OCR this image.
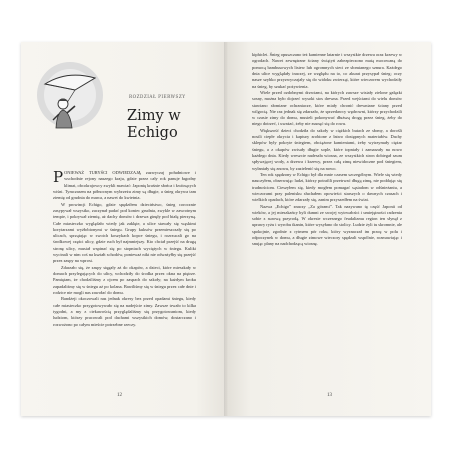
ROZDZIAŁ PIERWSZY
Zimy w Echigo

PONIEWAŻ TURYŚCI ODWIEDZAJĄ zazwyczaj południowe i wschodnie rejony naszego kraju, gdzie przez cały rok panuje łagodny klimat, obcokrajowcy zwykli mawiać: Japonię kraśnie słońca i kwitnących wiśni. Tymczasem na północnym wybrzeżu zimy są długie, a śnieg okrywa tam ziemię od grudnia do marca, a nawet do kwietnia.

W prowincji Echigo, gdzie spędziłem dzieciństwo, śnieg corocznie zasypywał wszystko, zaczynał padać pod koniec grudnia, zwykle w zawrotnym tempie, i pokrywał ziemię, aż dachy domów i drzewa ginęły pod białą pierzyną. Całe miasteczko wyglądało wtedy jak zaklęte, a ulice stawały się wąskimi korytarzami wyżłobionymi w śniegu. Grupy kuksów przemieszczały się po ulicach, sprzątając w swoich koszykach kopce śniegu, i rozrzucali go na środkowej części ulicy, gdzie ruch był najmniejszy. Kto chciał przejść na drugą stronę ulicy, musiał wspinać się po stopniach wyciętych w śniegu. Kuliki wycinali w nim coś na kształt schodów, ponieważ nikt nie odważyłby się przejść przez zaspy na wprost.

Zdarzało się, że zaspy sięgały aż do okapów, a dzieci, które mieszkały w domach przylegających do ulicy, wchodziły do środka przez okna na piętrze. Pamiętam, że chodziliśmy z ojcem po zaspach do szkoły; na każdym kroku zapadaliśmy się w śniegu aż po kolana. Bawiliśmy się w śniegu przez całe dnie i rodzice nie mogli nas zawołać do domu.

Bandżeji okoczowali nas jednak okresy bez przed opadami śniegu, kiedy całe miasteczko przygotowywało się na nadejście zimy. Zawsze trwało to kilka tygodni, a my z ciekawością przyglądaliśmy się przygotowaniom, kiedy ludziom, którzy pracowali pod dachami wszystkich domów, dostarczano i rozwożono po całym mieście potrzebne rzeczy.

12

kiphiclei. Śnieg opuszczano też kamienne latarnie i wszystkie drzewa oraz krzewy w ogrodach. Nawet zewnętrzne ściany świątyń zabezpieczono matą mocowaną do pomocą bambusowych listew lub ogromnych sieci ze słomianego sznura. Każdego dnia ulice wyglądały inaczej, ze względu na to, co akurat przysypał śnieg; oczy nasze szybko przyzwyczajały się do widoku zwierząt, które wieczorem wychodziły na śnieg, by szukać pożywienia.

Wiele przed ozdobnymi drzwiami, na których zawsze wisiały zielone gałązki sosny, można było dojrzeć wysoki stos drewna. Przed wejściami do wielu domów stawiano słomiane ochraniacze, które miały chronić drewniane ściany przed wilgocią. Nie raz jednak się zdarzało, że sprzedawcy wędrowni, którzy przychodzili w czasie zimy do domu, musieli pokonywać dłuższą drogę przez śnieg, żeby do niego dotrzeć, i uważać, żeby nie zsunąć się do rowu.

Większość dzieci chodziła do szkoły w ciężkich butach ze słomy, a dorośli nosili ciepłe okrycia i kaptury zrobione z łatwo dostępnych materiałów. Dachy sklepów były pokryte śniegiem, obciążone kamieniami, żeby wytrzymały ciężar śniegu, a z okapów zwisały długie sople, które topniały i zamarzały na nowo każdego dnia. Kiedy wreszcie nadeszła wiosna, ze wszystkich stron dobiegał szum spływającej wody, a drzewa i krzewy, przez całą zimę niewidoczne pod śniegiem, wyłaniały się znowu, by zazielenić się na nowo.

Ten rok spędzony w Echigo był dla mnie czasem szczególnym. Wiele się wtedy nauczyłem, obserwując ludzi, którzy potrafili przetrwać długą zimę, nie poddając się trudnościom. Cieszyłem się, kiedy mogłem pomagać sąsiadom w odśnieżaniu, a wieczorami przy palenisku słuchałem opowieści starszych o dawnych czasach i wielkich opadach, które zdarzały się, zanim przyszedłem na świat.

Nazwa „Echigo” znaczy „Za górami”. Tak nazywano tę część Japonii od wieków, a jej mieszkańcy byli dumni ze swojej wytrwałości i umiejętności radzenia sobie z surową przyrodą. W okresie wczesnego feudalizmu region ten słynął z uprawy ryżu i wyrobu tkanin, które wysyłano do stolicy. Ludzie żyli tu skromnie, ale spokojnie, zgodnie z rytmem pór roku, który wyznaczał im pracę w polu i odpoczynek w domu, a długie zimowe wieczory spędzali wspólnie, rozmawiając i snując plany na nadchodzącą wiosnę.

13
